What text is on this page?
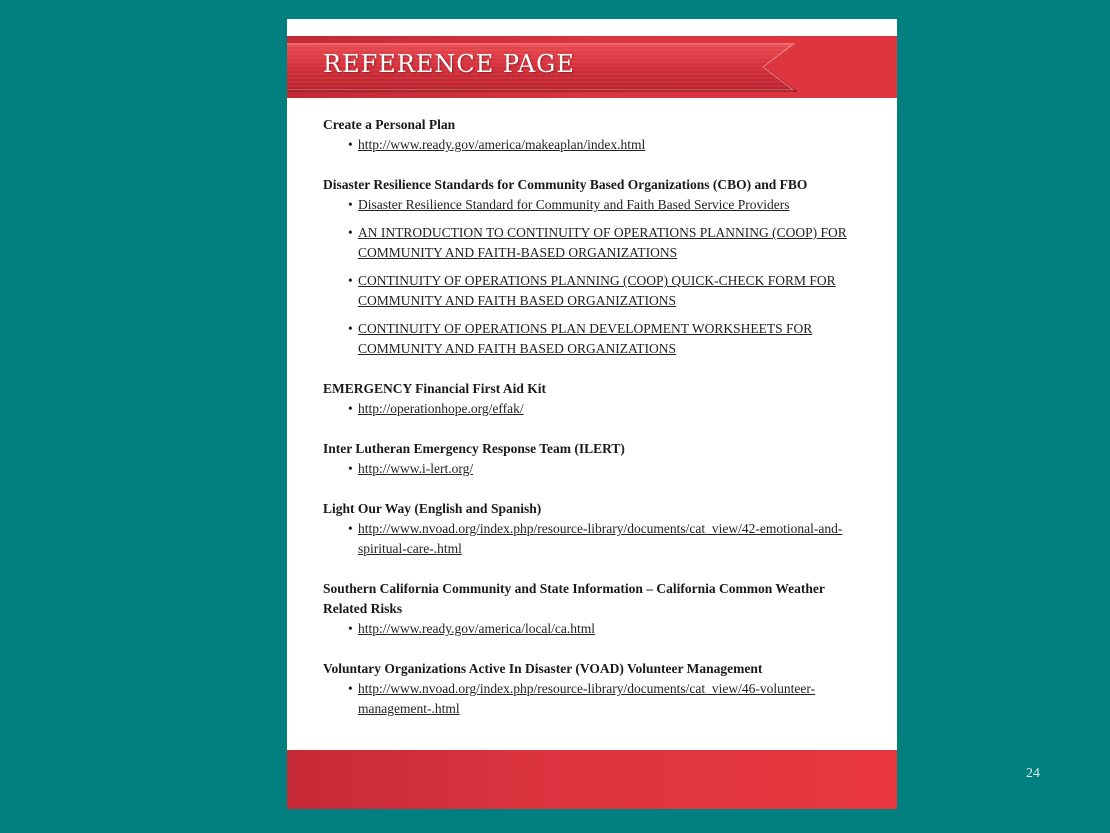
REFERENCE PAGE
Create a Personal Plan
• http://www.ready.gov/america/makeaplan/index.html
Disaster Resilience Standards for Community Based Organizations (CBO) and FBO
• Disaster Resilience Standard for Community and Faith Based Service Providers
• AN INTRODUCTION TO CONTINUITY OF OPERATIONS PLANNING (COOP) FOR COMMUNITY AND FAITH-BASED ORGANIZATIONS
• CONTINUITY OF OPERATIONS PLANNING (COOP) QUICK-CHECK FORM FOR COMMUNITY AND FAITH BASED ORGANIZATIONS
• CONTINUITY OF OPERATIONS PLAN DEVELOPMENT WORKSHEETS FOR COMMUNITY AND FAITH BASED ORGANIZATIONS
EMERGENCY Financial First Aid Kit
• http://operationhope.org/effak/
Inter Lutheran Emergency Response Team (ILERT)
• http://www.i-lert.org/
Light Our Way (English and Spanish)
• http://www.nvoad.org/index.php/resource-library/documents/cat_view/42-emotional-and-spiritual-care-.html
Southern California Community and State Information – California Common Weather Related Risks
• http://www.ready.gov/america/local/ca.html
Voluntary Organizations Active In Disaster (VOAD) Volunteer Management
• http://www.nvoad.org/index.php/resource-library/documents/cat_view/46-volunteer-management-.html
24
